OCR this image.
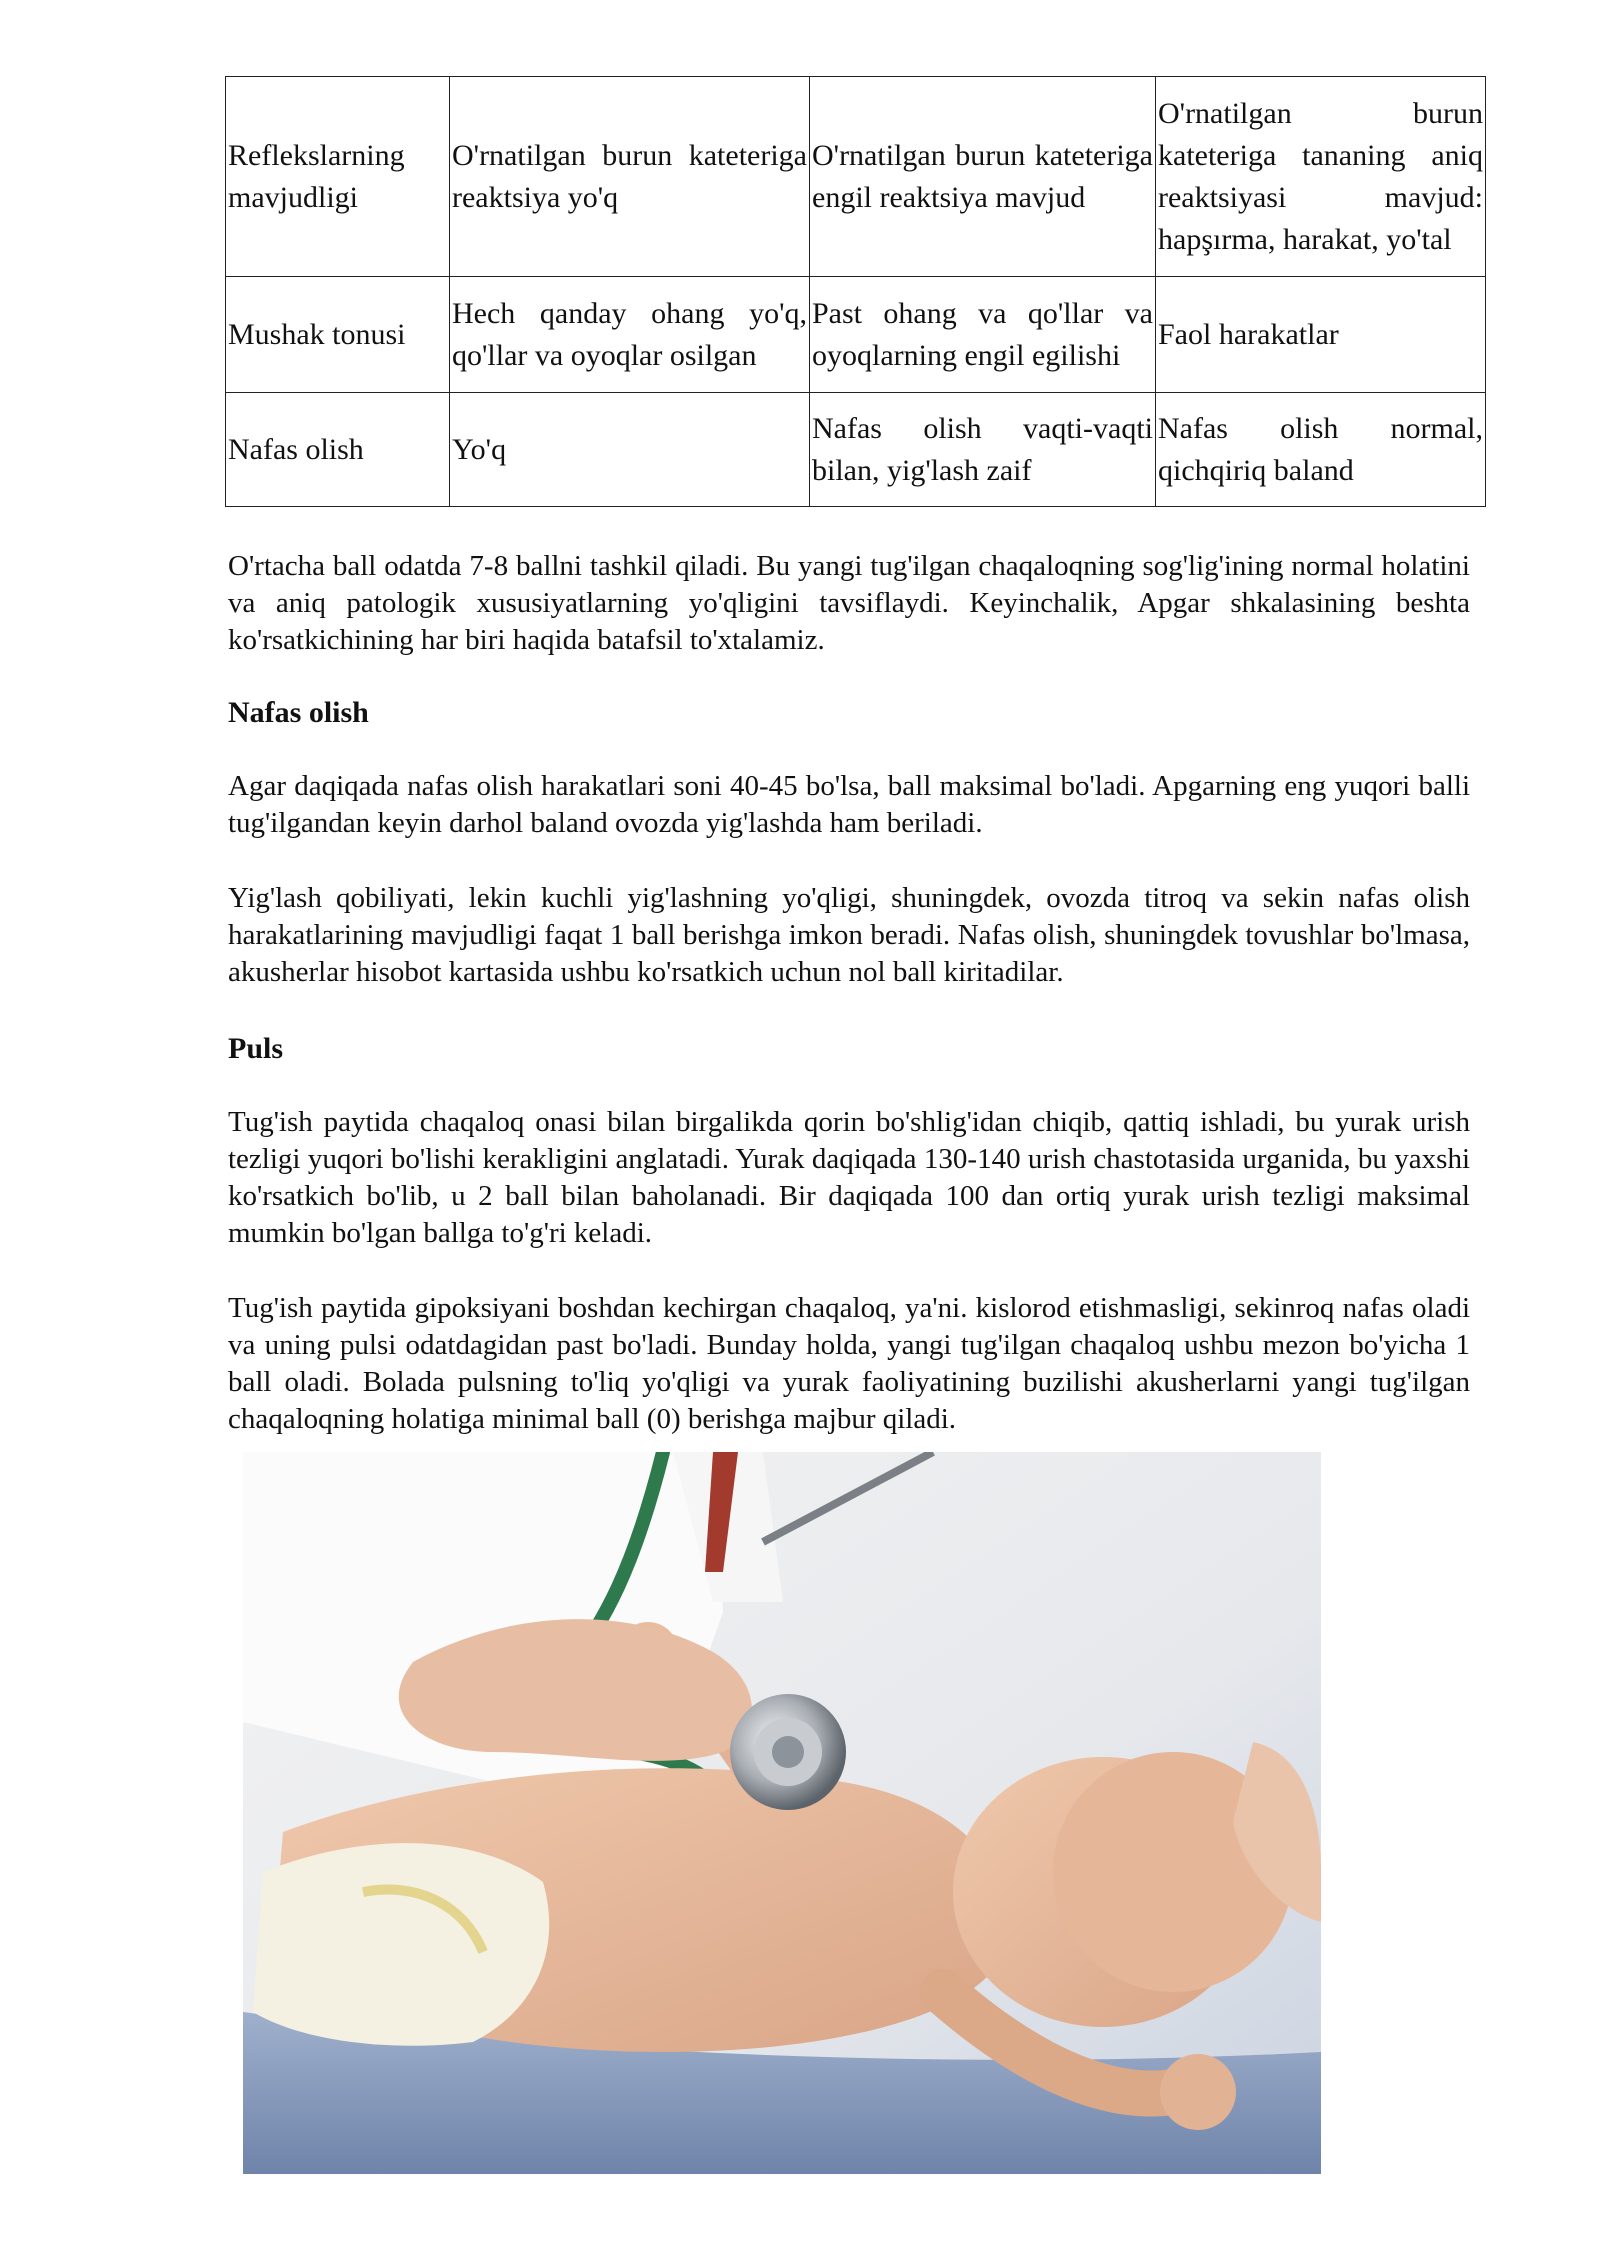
Reflekslarning mavjudligi	O'rnatilgan burun kateteriga reaktsiya yo'q	O'rnatilgan burun kateteriga engil reaktsiya mavjud	O'rnatilgan burun kateteriga tananing aniq reaktsiyasi mavjud: hapşırma, harakat, yo'tal
Mushak tonusi	Hech qanday ohang yo'q, qo'llar va oyoqlar osilgan	Past ohang va qo'llar va oyoqlarning engil egilishi	Faol harakatlar
Nafas olish	Yo'q	Nafas olish vaqti-vaqti bilan, yig'lash zaif	Nafas olish normal, qichqiriq baland

O'rtacha ball odatda 7-8 ballni tashkil qiladi. Bu yangi tug'ilgan chaqaloqning sog'lig'ining normal holatini va aniq patologik xususiyatlarning yo'qligini tavsiflaydi. Keyinchalik, Apgar shkalasining beshta ko'rsatkichining har biri haqida batafsil to'xtalamiz.

Nafas olish

Agar daqiqada nafas olish harakatlari soni 40-45 bo'lsa, ball maksimal bo'ladi. Apgarning eng yuqori balli tug'ilgandan keyin darhol baland ovozda yig'lashda ham beriladi.

Yig'lash qobiliyati, lekin kuchli yig'lashning yo'qligi, shuningdek, ovozda titroq va sekin nafas olish harakatlarining mavjudligi faqat 1 ball berishga imkon beradi. Nafas olish, shuningdek tovushlar bo'lmasa, akusherlar hisobot kartasida ushbu ko'rsatkich uchun nol ball kiritadilar.

Puls

Tug'ish paytida chaqaloq onasi bilan birgalikda qorin bo'shlig'idan chiqib, qattiq ishladi, bu yurak urish tezligi yuqori bo'lishi kerakligini anglatadi. Yurak daqiqada 130-140 urish chastotasida urganida, bu yaxshi ko'rsatkich bo'lib, u 2 ball bilan baholanadi. Bir daqiqada 100 dan ortiq yurak urish tezligi maksimal mumkin bo'lgan ballga to'g'ri keladi.

Tug'ish paytida gipoksiyani boshdan kechirgan chaqaloq, ya'ni. kislorod etishmasligi, sekinroq nafas oladi va uning pulsi odatdagidan past bo'ladi. Bunday holda, yangi tug'ilgan chaqaloq ushbu mezon bo'yicha 1 ball oladi. Bolada pulsning to'liq yo'qligi va yurak faoliyatining buzilishi akusherlarni yangi tug'ilgan chaqaloqning holatiga minimal ball (0) berishga majbur qiladi.
